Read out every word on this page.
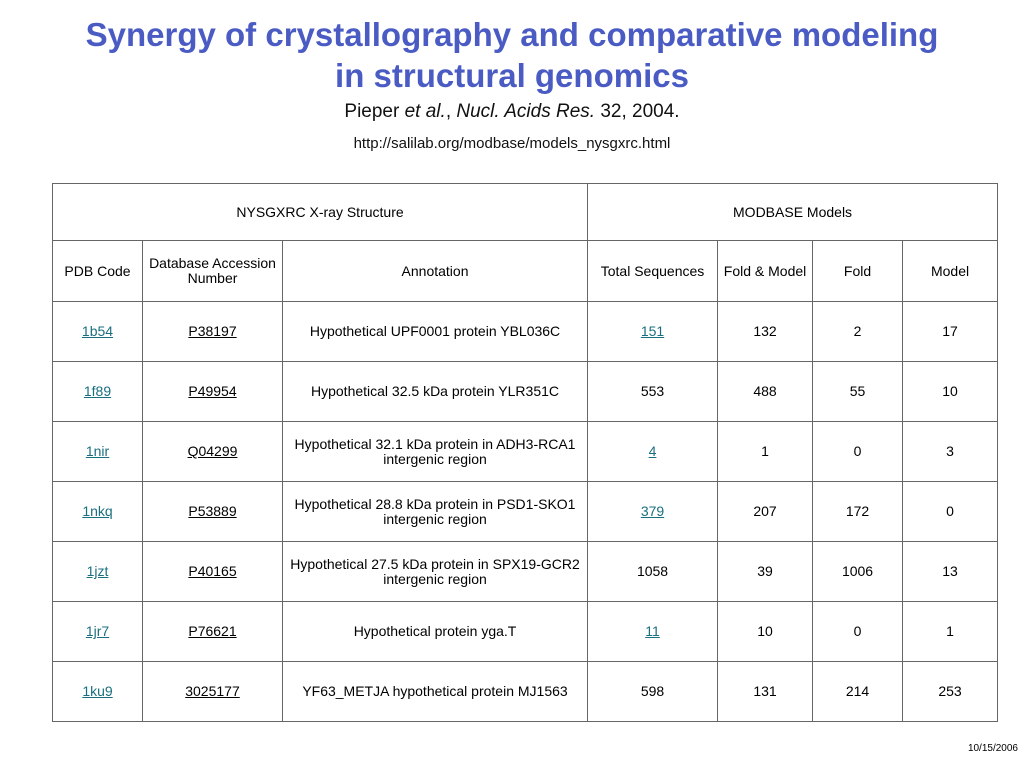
Synergy of crystallography and comparative modeling
in structural genomics
Pieper et al., Nucl. Acids Res. 32, 2004.
http://salilab.org/modbase/models_nysgxrc.html
NYSGXRC X-ray Structure			MODBASE Models			
PDB Code	Database Accession Number	Annotation	Total Sequences	Fold & Model	Fold	Model
1b54	P38197	Hypothetical UPF0001 protein YBL036C	151	132	2	17
1f89	P49954	Hypothetical 32.5 kDa protein YLR351C	553	488	55	10
1nir	Q04299	Hypothetical 32.1 kDa protein in ADH3-RCA1 intergenic region	4	1	0	3
1nkq	P53889	Hypothetical 28.8 kDa protein in PSD1-SKO1 intergenic region	379	207	172	0
1jzt	P40165	Hypothetical 27.5 kDa protein in SPX19-GCR2 intergenic region	1058	39	1006	13
1jr7	P76621	Hypothetical protein yga.T	11	10	0	1
1ku9	3025177	YF63_METJA hypothetical protein MJ1563	598	131	214	253
10/15/2006
